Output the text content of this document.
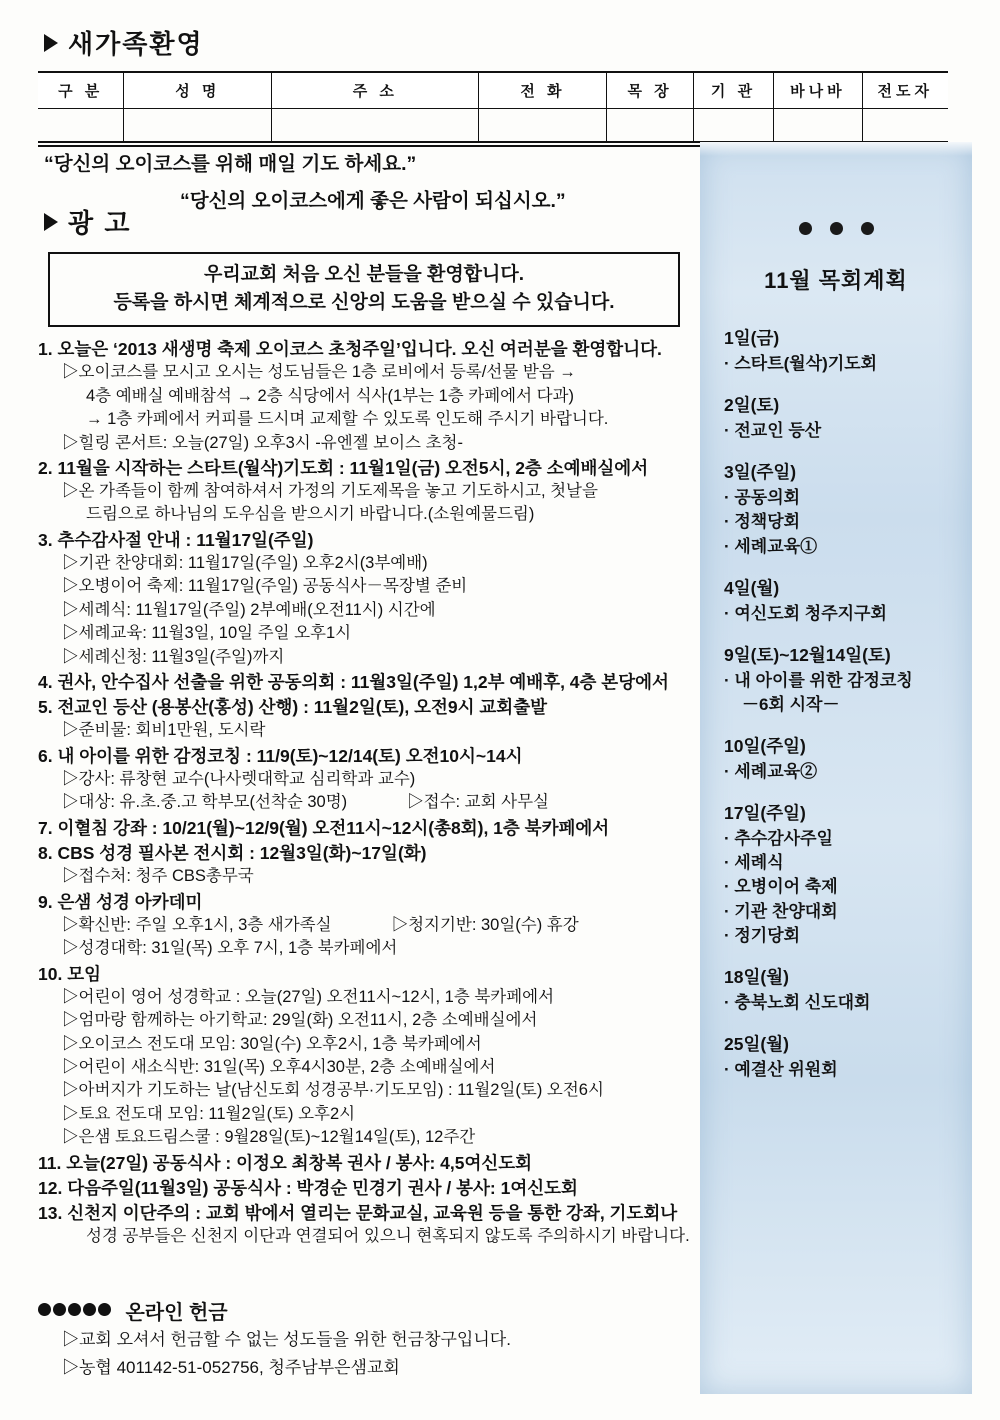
새가족환영
구 분	성 명	주 소	전 화	목 장	기 관	바나바	전도자

“당신의 오이코스를 위해 매일 기도 하세요.”
“당신의 오이코스에게 좋은 사람이 되십시오.”
광 고
우리교회 처음 오신 분들을 환영합니다.
등록을 하시면 체계적으로 신앙의 도움을 받으실 수 있습니다.
1. 오늘은 ‘2013 새생명 축제 오이코스 초청주일’입니다. 오신 여러분을 환영합니다.
▷오이코스를 모시고 오시는 성도님들은 1층 로비에서 등록/선물 받음 →
4층 예배실 예배참석 → 2층 식당에서 식사(1부는 1층 카페에서 다과)
→ 1층 카페에서 커피를 드시며 교제할 수 있도록 인도해 주시기 바랍니다.
▷힐링 콘서트: 오늘(27일) 오후3시 -유엔젤 보이스 초청-
2. 11월을 시작하는 스타트(월삭)기도회 : 11월1일(금) 오전5시, 2층 소예배실에서
▷온 가족들이 함께 참여하셔서 가정의 기도제목을 놓고 기도하시고, 첫날을
드림으로 하나님의 도우심을 받으시기 바랍니다.(소원예물드림)
3. 추수감사절 안내 : 11월17일(주일)
▷기관 찬양대회: 11월17일(주일) 오후2시(3부예배)
▷오병이어 축제: 11월17일(주일) 공동식사－목장별 준비
▷세례식: 11월17일(주일) 2부예배(오전11시) 시간에
▷세례교육: 11월3일, 10일 주일 오후1시
▷세례신청: 11월3일(주일)까지
4. 권사, 안수집사 선출을 위한 공동의회 : 11월3일(주일) 1,2부 예배후, 4층 본당에서
5. 전교인 등산 (용봉산(홍성) 산행) : 11월2일(토), 오전9시 교회출발
▷준비물: 회비1만원, 도시락
6. 내 아이를 위한 감정코칭 : 11/9(토)~12/14(토) 오전10시~14시
▷강사: 류창현 교수(나사렛대학교 심리학과 교수)
▷대상: 유.초.중.고 학부모(선착순 30명)	▷접수: 교회 사무실
7. 이혈침 강좌 : 10/21(월)~12/9(월) 오전11시~12시(총8회), 1층 북카페에서
8. CBS 성경 필사본 전시회 : 12월3일(화)~17일(화)
▷접수처: 청주 CBS총무국
9. 은샘 성경 아카데미
▷확신반: 주일 오후1시, 3층 새가족실	▷청지기반: 30일(수) 휴강
▷성경대학: 31일(목) 오후 7시, 1층 북카페에서
10. 모임
▷어린이 영어 성경학교 : 오늘(27일) 오전11시~12시, 1층 북카페에서
▷엄마랑 함께하는 아기학교: 29일(화) 오전11시, 2층 소예배실에서
▷오이코스 전도대 모임: 30일(수) 오후2시, 1층 북카페에서
▷어린이 새소식반: 31일(목) 오후4시30분, 2층 소예배실에서
▷아버지가 기도하는 날(남신도회 성경공부·기도모임) : 11월2일(토) 오전6시
▷토요 전도대 모임: 11월2일(토) 오후2시
▷은샘 토요드림스쿨 : 9월28일(토)~12월14일(토), 12주간
11. 오늘(27일) 공동식사 : 이정오 최창복 권사 / 봉사: 4,5여신도회
12. 다음주일(11월3일) 공동식사 : 박경순 민경기 권사 / 봉사: 1여신도회
13. 신천지 이단주의 : 교회 밖에서 열리는 문화교실, 교육원 등을 통한 강좌, 기도회나
성경 공부들은 신천지 이단과 연결되어 있으니 현혹되지 않도록 주의하시기 바랍니다.
온라인 헌금
▷교회 오셔서 헌금할 수 없는 성도들을 위한 헌금창구입니다.
▷농협 401142-51-052756, 청주남부은샘교회
11월 목회계획
1일(금)
· 스타트(월삭)기도회
2일(토)
· 전교인 등산
3일(주일)
· 공동의회
· 정책당회
· 세례교육①
4일(월)
· 여신도회 청주지구회
9일(토)~12월14일(토)
· 내 아이를 위한 감정코칭
－6회 시작－
10일(주일)
· 세례교육②
17일(주일)
· 추수감사주일
· 세례식
· 오병이어 축제
· 기관 찬양대회
· 정기당회
18일(월)
· 충북노회 신도대회
25일(월)
· 예결산 위원회
